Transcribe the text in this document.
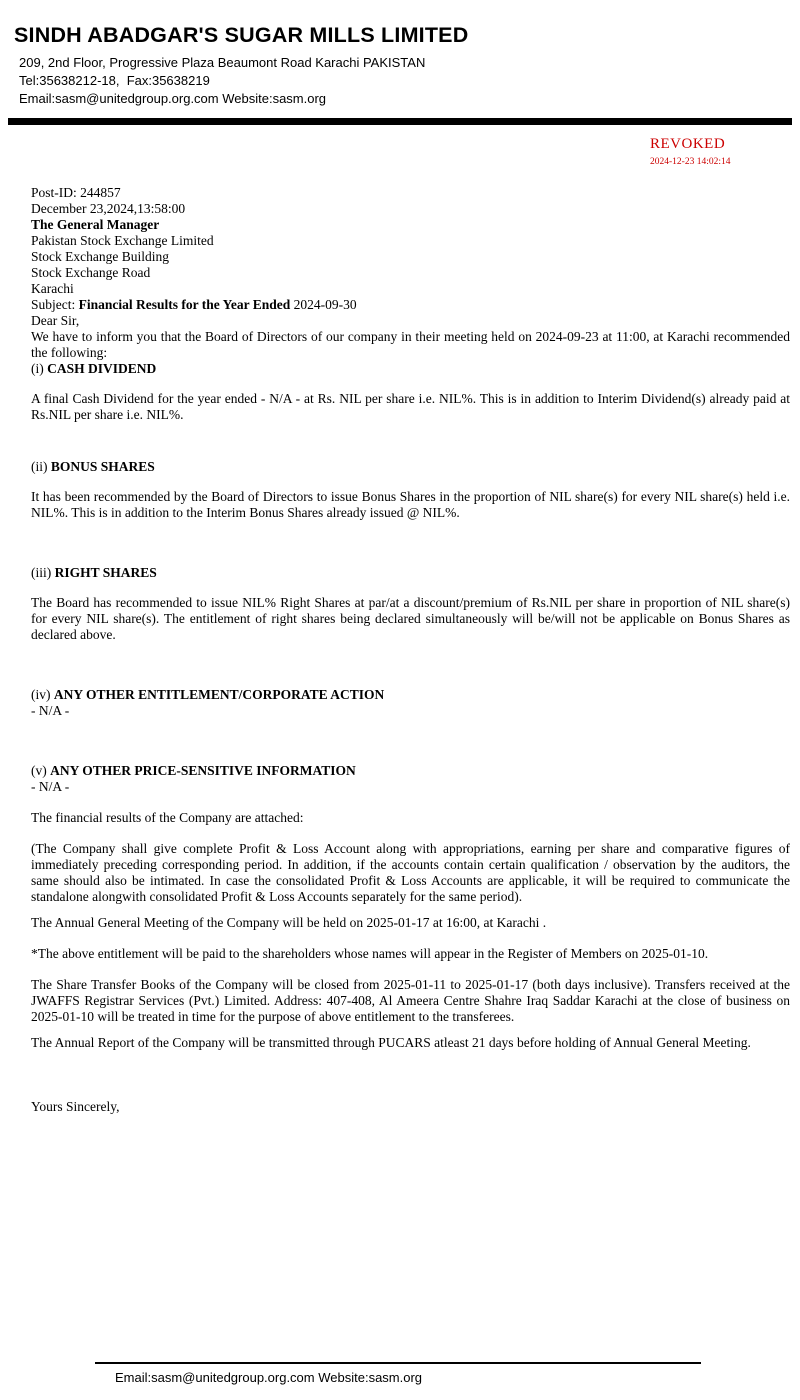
SINDH ABADGAR'S SUGAR MILLS LIMITED
209, 2nd Floor, Progressive Plaza Beaumont Road Karachi PAKISTAN
Tel:35638212-18,  Fax:35638219
Email:sasm@unitedgroup.org.com Website:sasm.org
REVOKED
2024-12-23 14:02:14
Post-ID: 244857
December 23,2024,13:58:00
The General Manager
Pakistan Stock Exchange Limited
Stock Exchange Building
Stock Exchange Road
Karachi

Subject: Financial Results for the Year Ended 2024-09-30

Dear Sir,

We have to inform you that the Board of Directors of our company in their meeting held on 2024-09-23 at 11:00, at Karachi recommended the following:

(i) CASH DIVIDEND

A final Cash Dividend for the year ended - N/A - at Rs. NIL per share i.e. NIL%. This is in addition to Interim Dividend(s) already paid at Rs.NIL per share i.e. NIL%.

(ii) BONUS SHARES

It has been recommended by the Board of Directors to issue Bonus Shares in the proportion of NIL share(s) for every NIL share(s) held i.e. NIL%. This is in addition to the Interim Bonus Shares already issued @ NIL%.

(iii) RIGHT SHARES

The Board has recommended to issue NIL% Right Shares at par/at a discount/premium of Rs.NIL per share in proportion of NIL share(s) for every NIL share(s). The entitlement of right shares being declared simultaneously will be/will not be applicable on Bonus Shares as declared above.

(iv) ANY OTHER ENTITLEMENT/CORPORATE ACTION

- N/A -

(v) ANY OTHER PRICE-SENSITIVE INFORMATION

- N/A -

The financial results of the Company are attached:

(The Company shall give complete Profit & Loss Account along with appropriations, earning per share and comparative figures of immediately preceding corresponding period. In addition, if the accounts contain certain qualification / observation by the auditors, the same should also be intimated. In case the consolidated Profit & Loss Accounts are applicable, it will be required to communicate the standalone alongwith consolidated Profit & Loss Accounts separately for the same period).

The Annual General Meeting of the Company will be held on 2025-01-17 at 16:00, at Karachi .

*The above entitlement will be paid to the shareholders whose names will appear in the Register of Members on 2025-01-10.

The Share Transfer Books of the Company will be closed from 2025-01-11 to 2025-01-17 (both days inclusive). Transfers received at the JWAFFS Registrar Services (Pvt.) Limited. Address: 407-408, Al Ameera Centre Shahre Iraq Saddar Karachi at the close of business on 2025-01-10 will be treated in time for the purpose of above entitlement to the transferees.

The Annual Report of the Company will be transmitted through PUCARS atleast 21 days before holding of Annual General Meeting.

Yours Sincerely,

Email:sasm@unitedgroup.org.com Website:sasm.org
